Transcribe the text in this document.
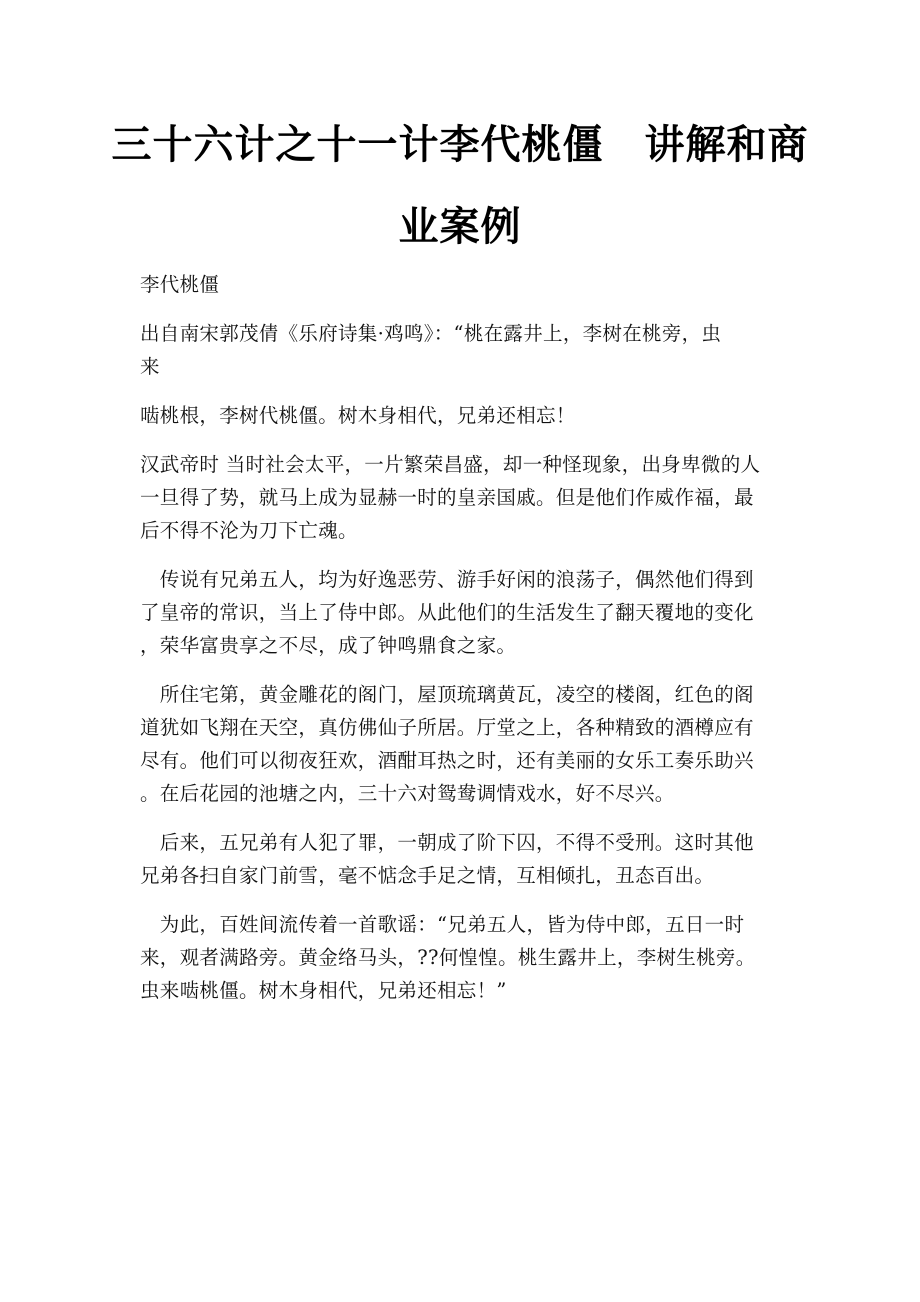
三十六计之十一计李代桃僵　讲解和商
业案例

李代桃僵

出自南宋郭茂倩《乐府诗集·鸡鸣》：“桃在露井上，李树在桃旁，虫
来

啮桃根，李树代桃僵。树木身相代，兄弟还相忘！

汉武帝时 当时社会太平，一片繁荣昌盛，却一种怪现象，出身卑微的人
一旦得了势，就马上成为显赫一时的皇亲国戚。但是他们作威作福，最
后不得不沦为刀下亡魂。

　传说有兄弟五人，均为好逸恶劳、游手好闲的浪荡子，偶然他们得到
了皇帝的常识，当上了侍中郎。从此他们的生活发生了翻天覆地的变化
，荣华富贵享之不尽，成了钟鸣鼎食之家。

　所住宅第，黄金雕花的阁门，屋顶琉璃黄瓦，凌空的楼阁，红色的阁
道犹如飞翔在天空，真仿佛仙子所居。厅堂之上，各种精致的酒樽应有
尽有。他们可以彻夜狂欢，酒酣耳热之时，还有美丽的女乐工奏乐助兴
。在后花园的池塘之内，三十六对鸳鸯调情戏水，好不尽兴。

　后来，五兄弟有人犯了罪，一朝成了阶下囚，不得不受刑。这时其他
兄弟各扫自家门前雪，毫不惦念手足之情，互相倾扎，丑态百出。

　为此，百姓间流传着一首歌谣：“兄弟五人，皆为侍中郎，五日一时
来，观者满路旁。黄金络马头，??何惶惶。桃生露井上，李树生桃旁。
虫来啮桃僵。树木身相代，兄弟还相忘！”
